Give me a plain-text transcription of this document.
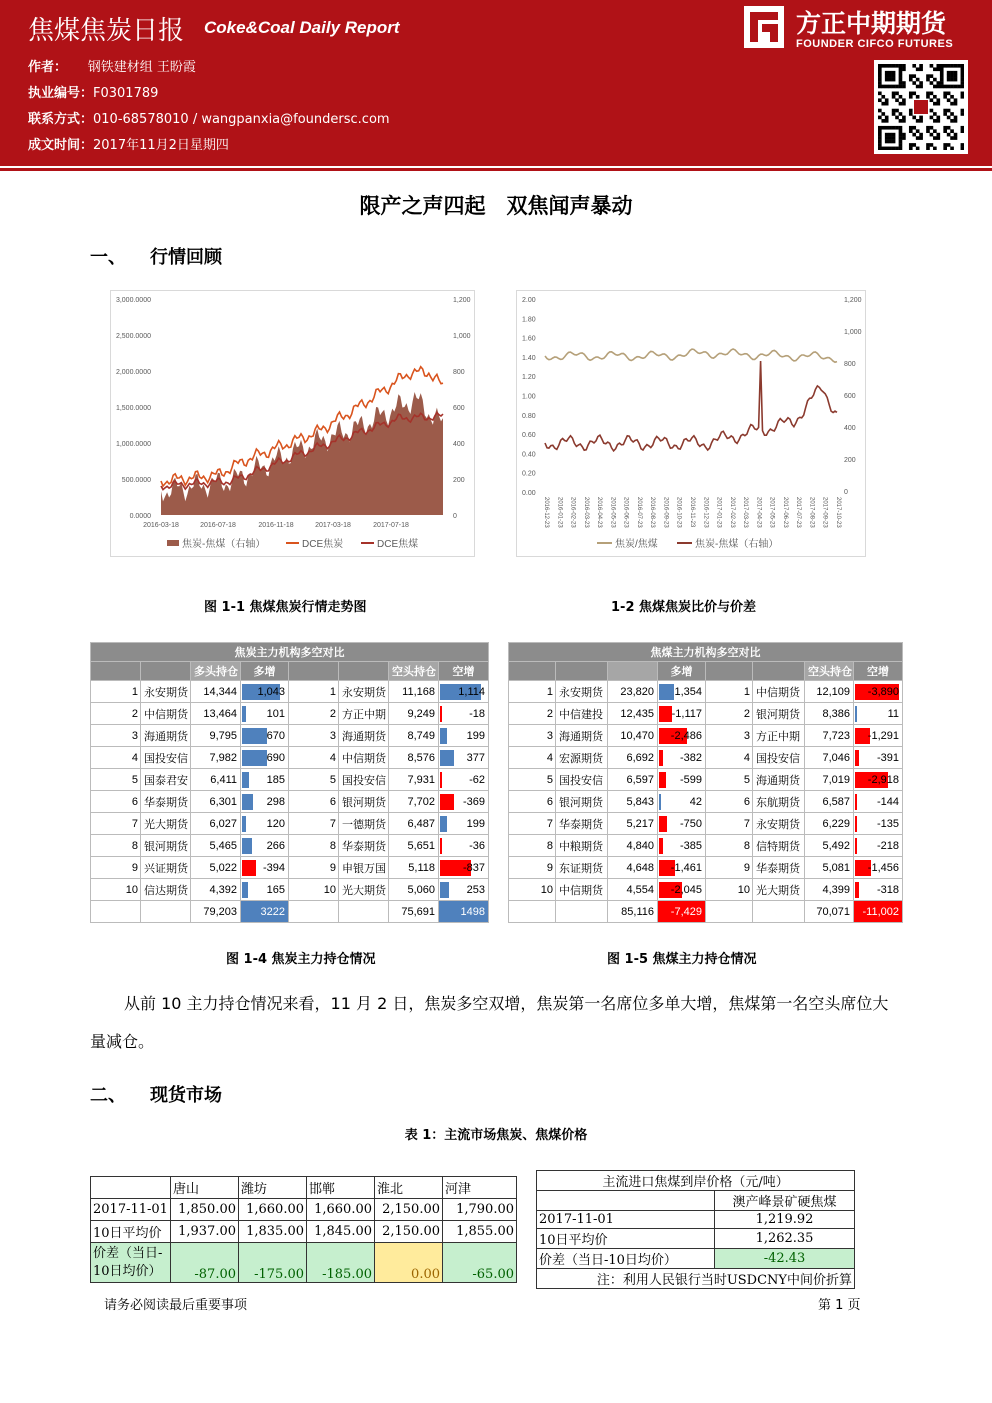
焦煤焦炭日报 Coke&Coal Daily Report
作者： 钢铁建材组 王盼霞
执业编号：F0301789
联系方式：010-68578010 / wangpanxia@foundersc.com
成文时间：2017年11月2日星期四
方正中期期货
FOUNDER CIFCO FUTURES
限产之声四起　双焦闻声暴动
一、 行情回顾
3,000.0000
2,500.0000
2,000.0000
1,500.0000
1,000.0000
500.0000
0.0000
1,200
1,000
800
600
400
200
0
2016-03-18	2016-07-18	2016-11-18	2017-03-18	2017-07-18
焦炭-焦煤（右轴）	DCE焦炭	DCE焦煤
图 1-1 焦煤焦炭行情走势图
2.00
1.80
1.60
1.40
1.20
1.00
0.80
0.60
0.40
0.20
0.00
1,200
1,000
800
600
400
200
0
2016-12-23 2016-01-23 2016-02-23 2016-03-23 2016-04-23 2016-05-23 2016-06-23 2016-07-23 2016-08-23 2016-09-23 2016-10-23 2016-11-23 2016-12-23 2017-01-23 2017-02-23 2017-03-23 2017-04-23 2017-05-23 2017-06-23 2017-07-23 2017-08-23 2017-09-23 2017-10-23
焦炭/焦煤	焦炭-焦煤（右轴）
1-2 焦煤焦炭比价与价差
焦炭主力机构多空对比							
		多头持仓	多增			空头持仓	空增
1	永安期货	14,344	1,043	1	永安期货	11,168	1,114

2	中信期货	13,464	101	2	方正中期	9,249	-18

3	海通期货	9,795	670	3	海通期货	8,749	199

4	国投安信	7,982	690	4	中信期货	8,576	377

5	国泰君安	6,411	185	5	国投安信	7,931	-62

6	华泰期货	6,301	298	6	银河期货	7,702	-369

7	光大期货	6,027	120	7	一德期货	6,487	199

8	银河期货	5,465	266	8	华泰期货	5,651	-36

9	兴证期货	5,022	-394	9	申银万国	5,118	-837

10	信达期货	4,392	165	10	光大期货	5,060	253

		79,203	3222			75,691	1498
焦煤主力机构多空对比							
			多增			空头持仓	空增
1	永安期货	23,820	1,354	1	中信期货	12,109	-3,890

2	中信建投	12,435	-1,117	2	银河期货	8,386	11

3	海通期货	10,470	-2,486	3	方正中期	7,723	-1,291

4	宏源期货	6,692	-382	4	国投安信	7,046	-391

5	国投安信	6,597	-599	5	海通期货	7,019	-2,918

6	银河期货	5,843	42	6	东航期货	6,587	-144

7	华泰期货	5,217	-750	7	永安期货	6,229	-135

8	中粮期货	4,840	-385	8	信特期货	5,492	-218

9	东证期货	4,648	-1,461	9	华泰期货	5,081	-1,456

10	中信期货	4,554	-2,045	10	光大期货	4,399	-318

		85,116	-7,429			70,071	-11,002
图 1-4 焦炭主力持仓情况	图 1-5 焦煤主力持仓情况
从前 10 主力持仓情况来看，11 月 2 日，焦炭多空双增，焦炭第一名席位多单大增，焦煤第一名空头席位大量减仓。
二、 现货市场
表 1：主流市场焦炭、焦煤价格
	唐山	潍坊	邯郸	淮北	河津
2017-11-01	1,850.00	1,660.00	1,660.00	2,150.00	1,790.00
10日平均价	1,937.00	1,835.00	1,845.00	2,150.00	1,855.00
价差（当日-
10日均价）	-87.00	-175.00	-185.00	0.00	-65.00
主流进口焦煤到岸价格（元/吨）	
	澳产峰景矿硬焦煤
2017-11-01	1,219.92
10日平均价	1,262.35
价差（当日-10日均价）	-42.43
注：利用人民银行当时USDCNY中间价折算	
请务必阅读最后重要事项	第 1 页
